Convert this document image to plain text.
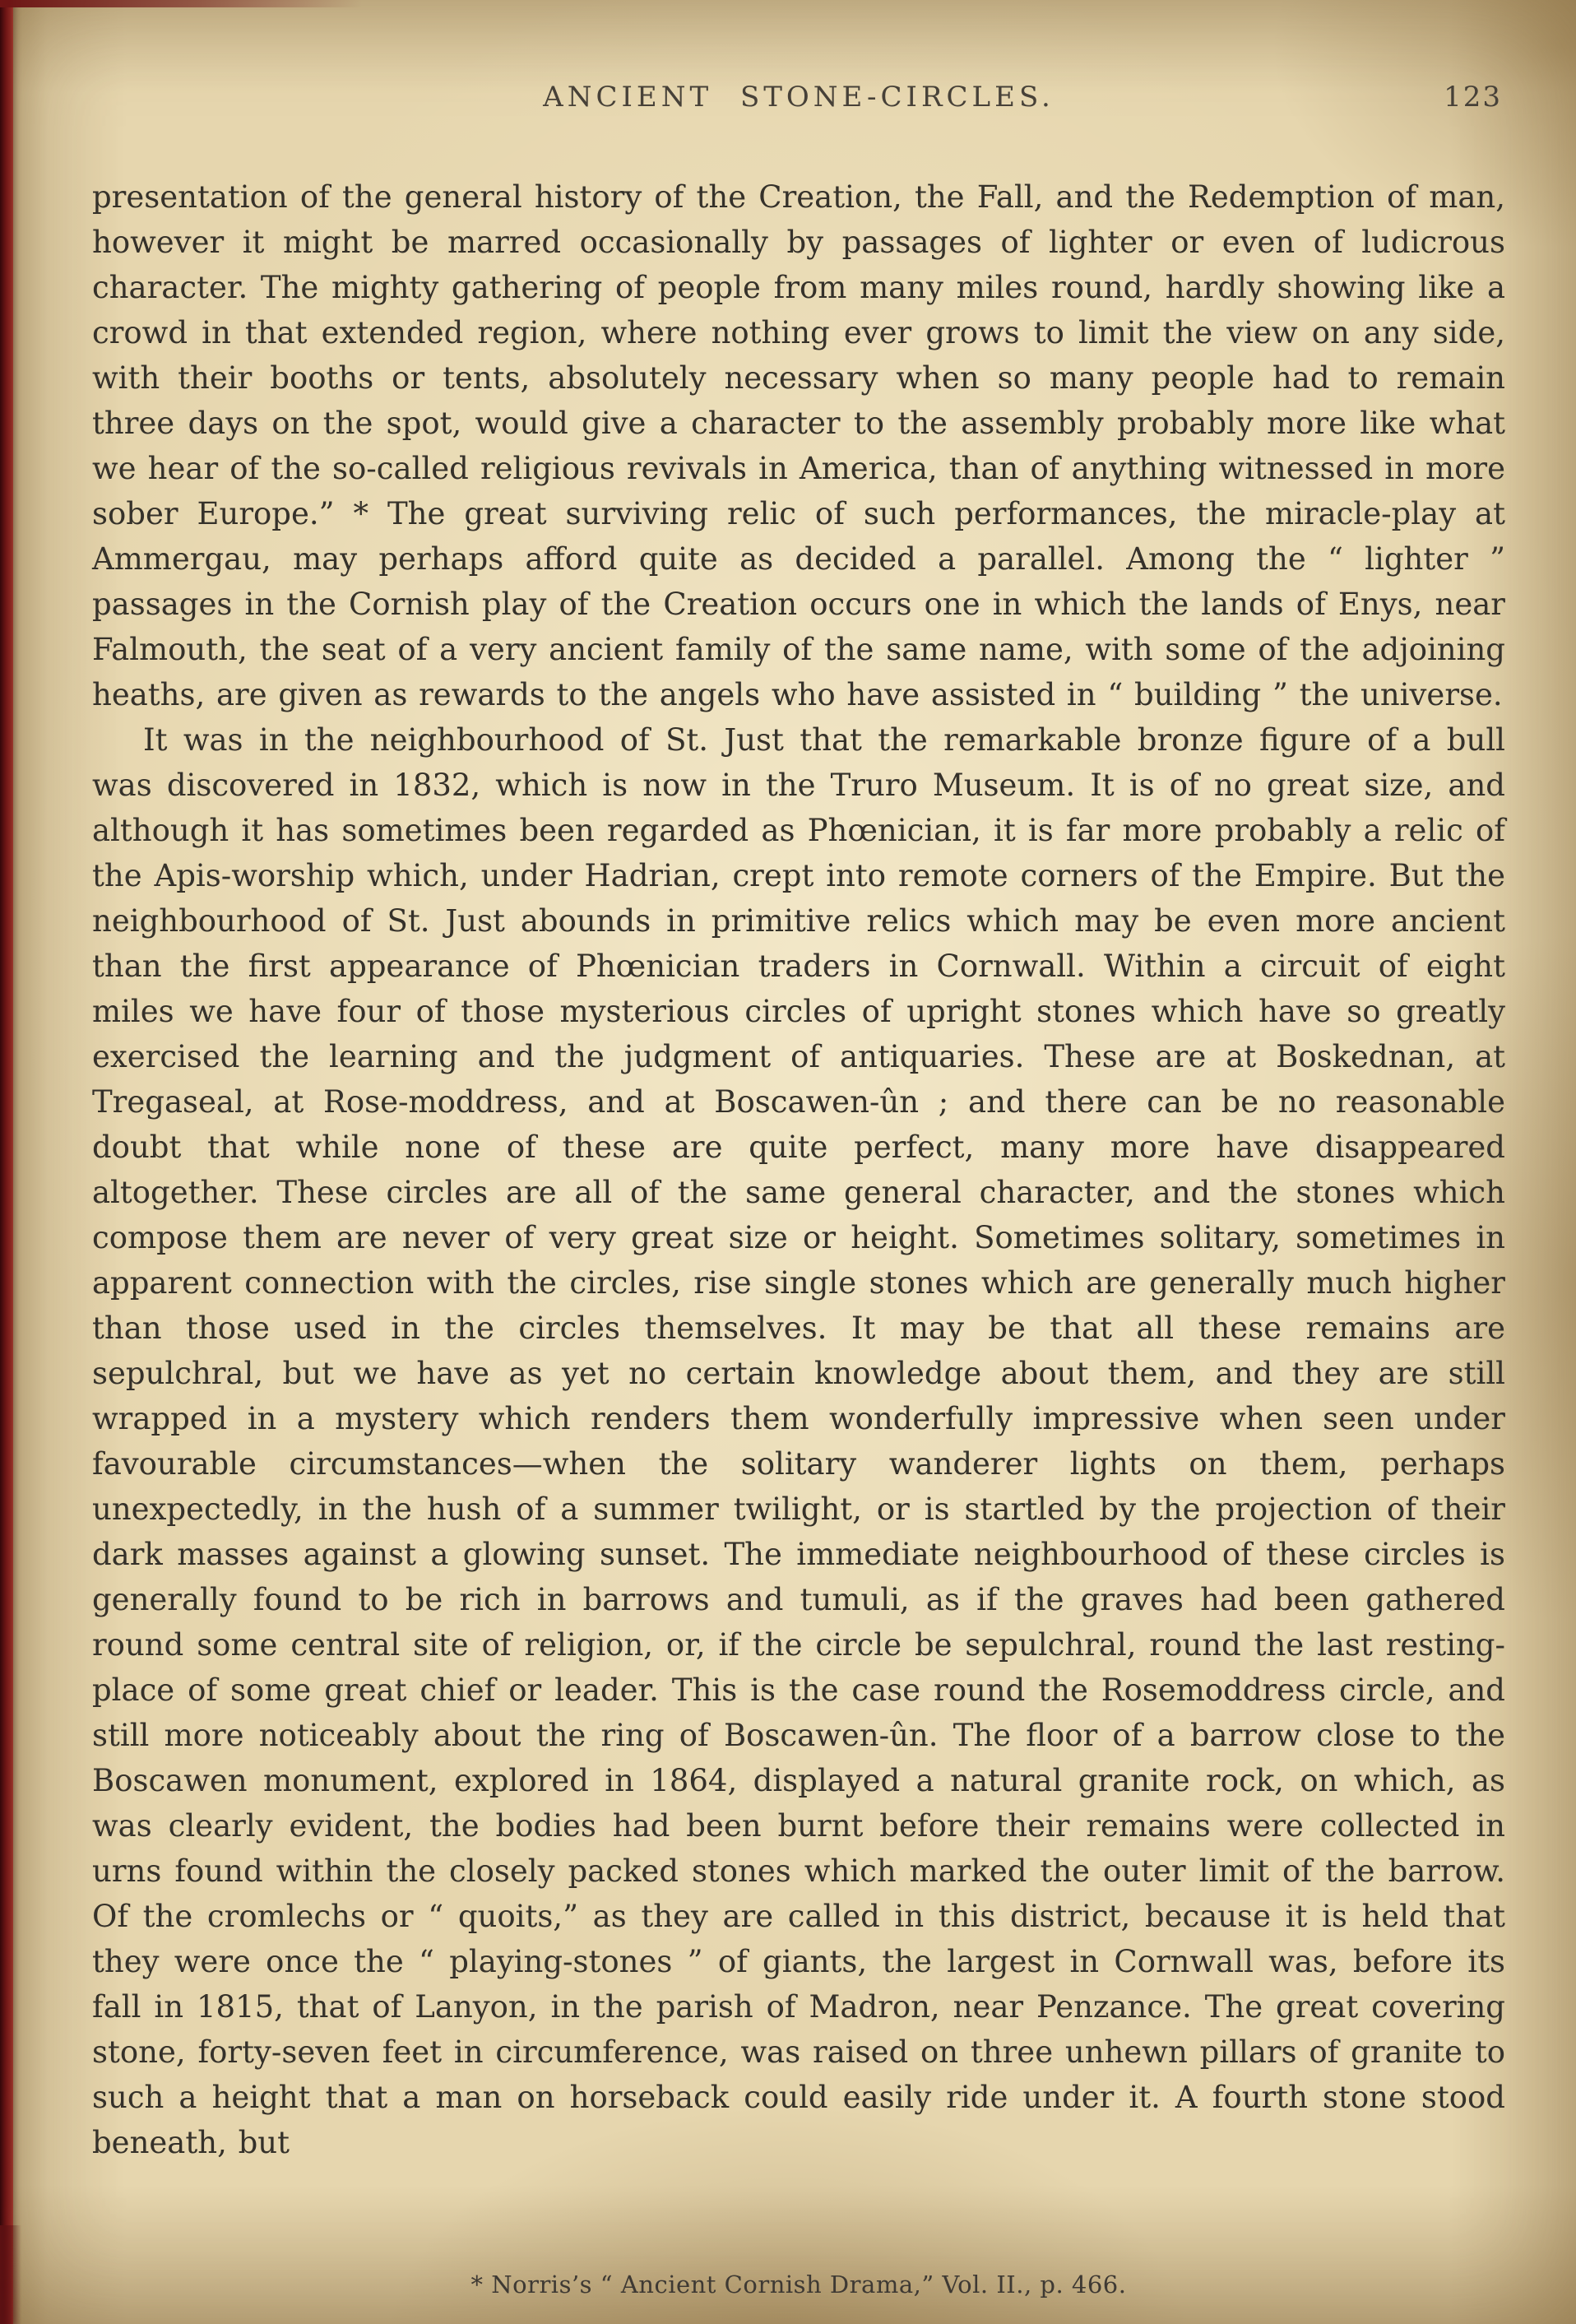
ANCIENT STONE-CIRCLES.	123

presentation of the general history of the Creation, the Fall, and the Redemption of man, however it might be marred occasionally by passages of lighter or even of ludicrous character. The mighty gathering of people from many miles round, hardly showing like a crowd in that extended region, where nothing ever grows to limit the view on any side, with their booths or tents, absolutely necessary when so many people had to remain three days on the spot, would give a character to the assembly probably more like what we hear of the so-called religious revivals in America, than of anything witnessed in more sober Europe.” * The great surviving relic of such performances, the miracle-play at Ammergau, may perhaps afford quite as decided a parallel. Among the “ lighter ” passages in the Cornish play of the Creation occurs one in which the lands of Enys, near Falmouth, the seat of a very ancient family of the same name, with some of the adjoining heaths, are given as rewards to the angels who have assisted in “ building ” the universe.

It was in the neighbourhood of St. Just that the remarkable bronze figure of a bull was discovered in 1832, which is now in the Truro Museum. It is of no great size, and although it has sometimes been regarded as Phœnician, it is far more probably a relic of the Apis-worship which, under Hadrian, crept into remote corners of the Empire. But the neighbourhood of St. Just abounds in primitive relics which may be even more ancient than the first appearance of Phœnician traders in Cornwall. Within a circuit of eight miles we have four of those mysterious circles of upright stones which have so greatly exercised the learning and the judgment of antiquaries. These are at Boskednan, at Tregaseal, at Rose-moddress, and at Boscawen-ûn ; and there can be no reasonable doubt that while none of these are quite perfect, many more have disappeared altogether. These circles are all of the same general character, and the stones which compose them are never of very great size or height. Sometimes solitary, sometimes in apparent connection with the circles, rise single stones which are generally much higher than those used in the circles themselves. It may be that all these remains are sepulchral, but we have as yet no certain knowledge about them, and they are still wrapped in a mystery which renders them wonderfully impressive when seen under favourable circumstances—when the solitary wanderer lights on them, perhaps unexpectedly, in the hush of a summer twilight, or is startled by the projection of their dark masses against a glowing sunset. The immediate neighbourhood of these circles is generally found to be rich in barrows and tumuli, as if the graves had been gathered round some central site of religion, or, if the circle be sepulchral, round the last resting-place of some great chief or leader. This is the case round the Rosemoddress circle, and still more noticeably about the ring of Boscawen-ûn. The floor of a barrow close to the Boscawen monument, explored in 1864, displayed a natural granite rock, on which, as was clearly evident, the bodies had been burnt before their remains were collected in urns found within the closely packed stones which marked the outer limit of the barrow. Of the cromlechs or “ quoits,” as they are called in this district, because it is held that they were once the “ playing-stones ” of giants, the largest in Cornwall was, before its fall in 1815, that of Lanyon, in the parish of Madron, near Penzance. The great covering stone, forty-seven feet in circumference, was raised on three unhewn pillars of granite to such a height that a man on horseback could easily ride under it. A fourth stone stood beneath, but

* Norris’s “ Ancient Cornish Drama,” Vol. II., p. 466.
